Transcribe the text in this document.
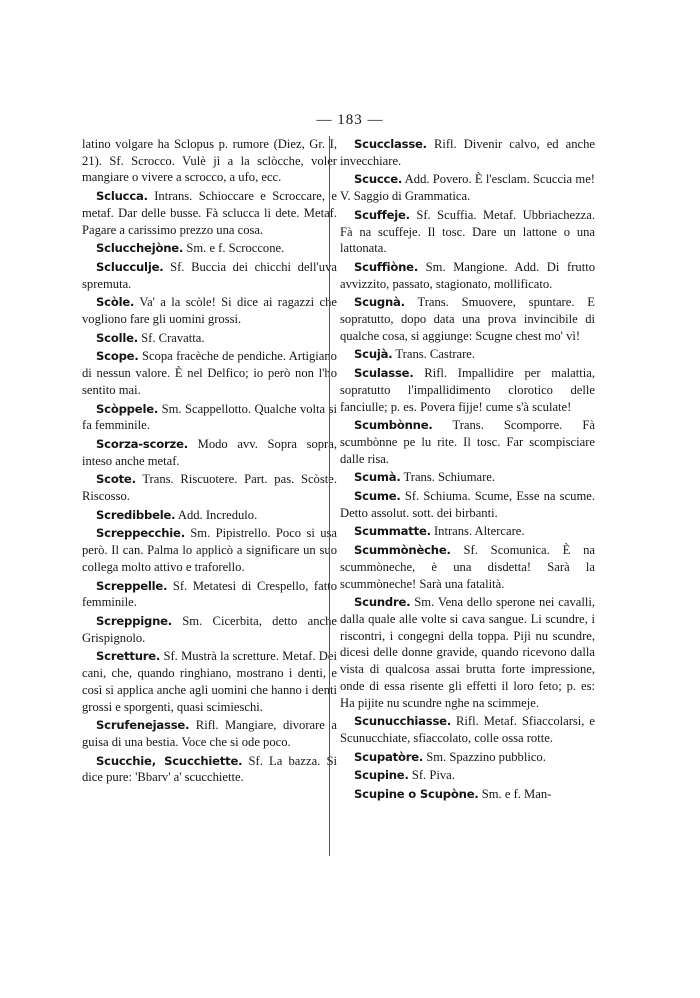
— 183 —

latino volgare ha Sclopus p. rumore (Diez, Gr. I, 21). Sf. Scrocco. Vulè jì a la sclòcche, voler mangiare o vivere a scrocco, a ufo, ecc.

Sclucca. Intrans. Schioccare e Scroccare, e metaf. Dar delle busse. Fà sclucca li dete. Metaf. Pagare a carissimo prezzo una cosa.

Sclucchejòne. Sm. e f. Scroccone.

Sclucculje. Sf. Buccia dei chicchi dell'uva spremuta.

Scòle. Va' a la scòle! Si dice ai ragazzi che vogliono fare gli uomini grossi.

Scolle. Sf. Cravatta.

Scope. Scopa fracèche de pendiche. Artigiano di nessun valore. È nel Delfico; io però non l'ho sentito mai.

Scòppele. Sm. Scappellotto. Qualche volta si fa femminile.

Scorza-scorze. Modo avv. Sopra sopra, inteso anche metaf.

Scote. Trans. Riscuotere. Part. pas. Scòste. Riscosso.

Scredibbele. Add. Incredulo.

Screppecchie. Sm. Pipistrello. Poco si usa però. Il can. Palma lo applicò a significare un suo collega molto attivo e traforello.

Screppelle. Sf. Metatesi di Crespello, fatto femminile.

Screppigne. Sm. Cicerbita, detto anche Grispignolo.

Scretture. Sf. Mustrà la scretture. Metaf. Dei cani, che, quando ringhiano, mostrano i denti, e così si applica anche agli uomini che hanno i denti grossi e sporgenti, quasi scimieschi.

Scrufenejasse. Rifl. Mangiare, divorare a guisa di una bestia. Voce che si ode poco.

Scucchie, Scucchiette. Sf. La bazza. Si dice pure: 'Bbarv' a' scucchiette.

Scucclasse. Rifl. Divenir calvo, ed anche invecchiare.

Scucce. Add. Povero. È l'esclam. Scuccia me! V. Saggio di Grammatica.

Scuffeje. Sf. Scuffia. Metaf. Ubbriachezza. Fà na scuffeje. Il tosc. Dare un lattone o una lattonata.

Scuffiòne. Sm. Mangione. Add. Di frutto avvizzito, passato, stagionato, mollificato.

Scugnà. Trans. Smuovere, spuntare. E sopratutto, dopo data una prova invincibile di qualche cosa, si aggiunge: Scugne chest mo' vì!

Scujà. Trans. Castrare.

Sculasse. Rifl. Impallidire per malattia, sopratutto l'impallidimento clorotico delle fanciulle; p. es. Povera fijje! cume s'à sculate!

Scumbònne. Trans. Scomporre. Fà scumbònne pe lu rite. Il tosc. Far scompisciare dalle risa.

Scumà. Trans. Schiumare.

Scume. Sf. Schiuma. Scume, Esse na scume. Detto assolut. sott. dei birbanti.

Scummatte. Intrans. Altercare.

Scummònèche. Sf. Scomunica. È na scummòneche, è una disdetta! Sarà la scummòneche! Sarà una fatalità.

Scundre. Sm. Vena dello sperone nei cavalli, dalla quale alle volte si cava sangue. Li scundre, i riscontri, i congegni della toppa. Pijì nu scundre, dicesi delle donne gravide, quando ricevono dalla vista di qualcosa assai brutta forte impressione, onde di essa risente gli effetti il loro feto; p. es: Ha pijite nu scundre nghe na scimmeje.

Scunucchiasse. Rifl. Metaf. Sfiaccolarsi, e Scunucchiate, sfiaccolato, colle ossa rotte.

Scupatòre. Sm. Spazzino pubblico.

Scupine. Sf. Piva.

Scupine o Scupòne. Sm. e f. Man-
